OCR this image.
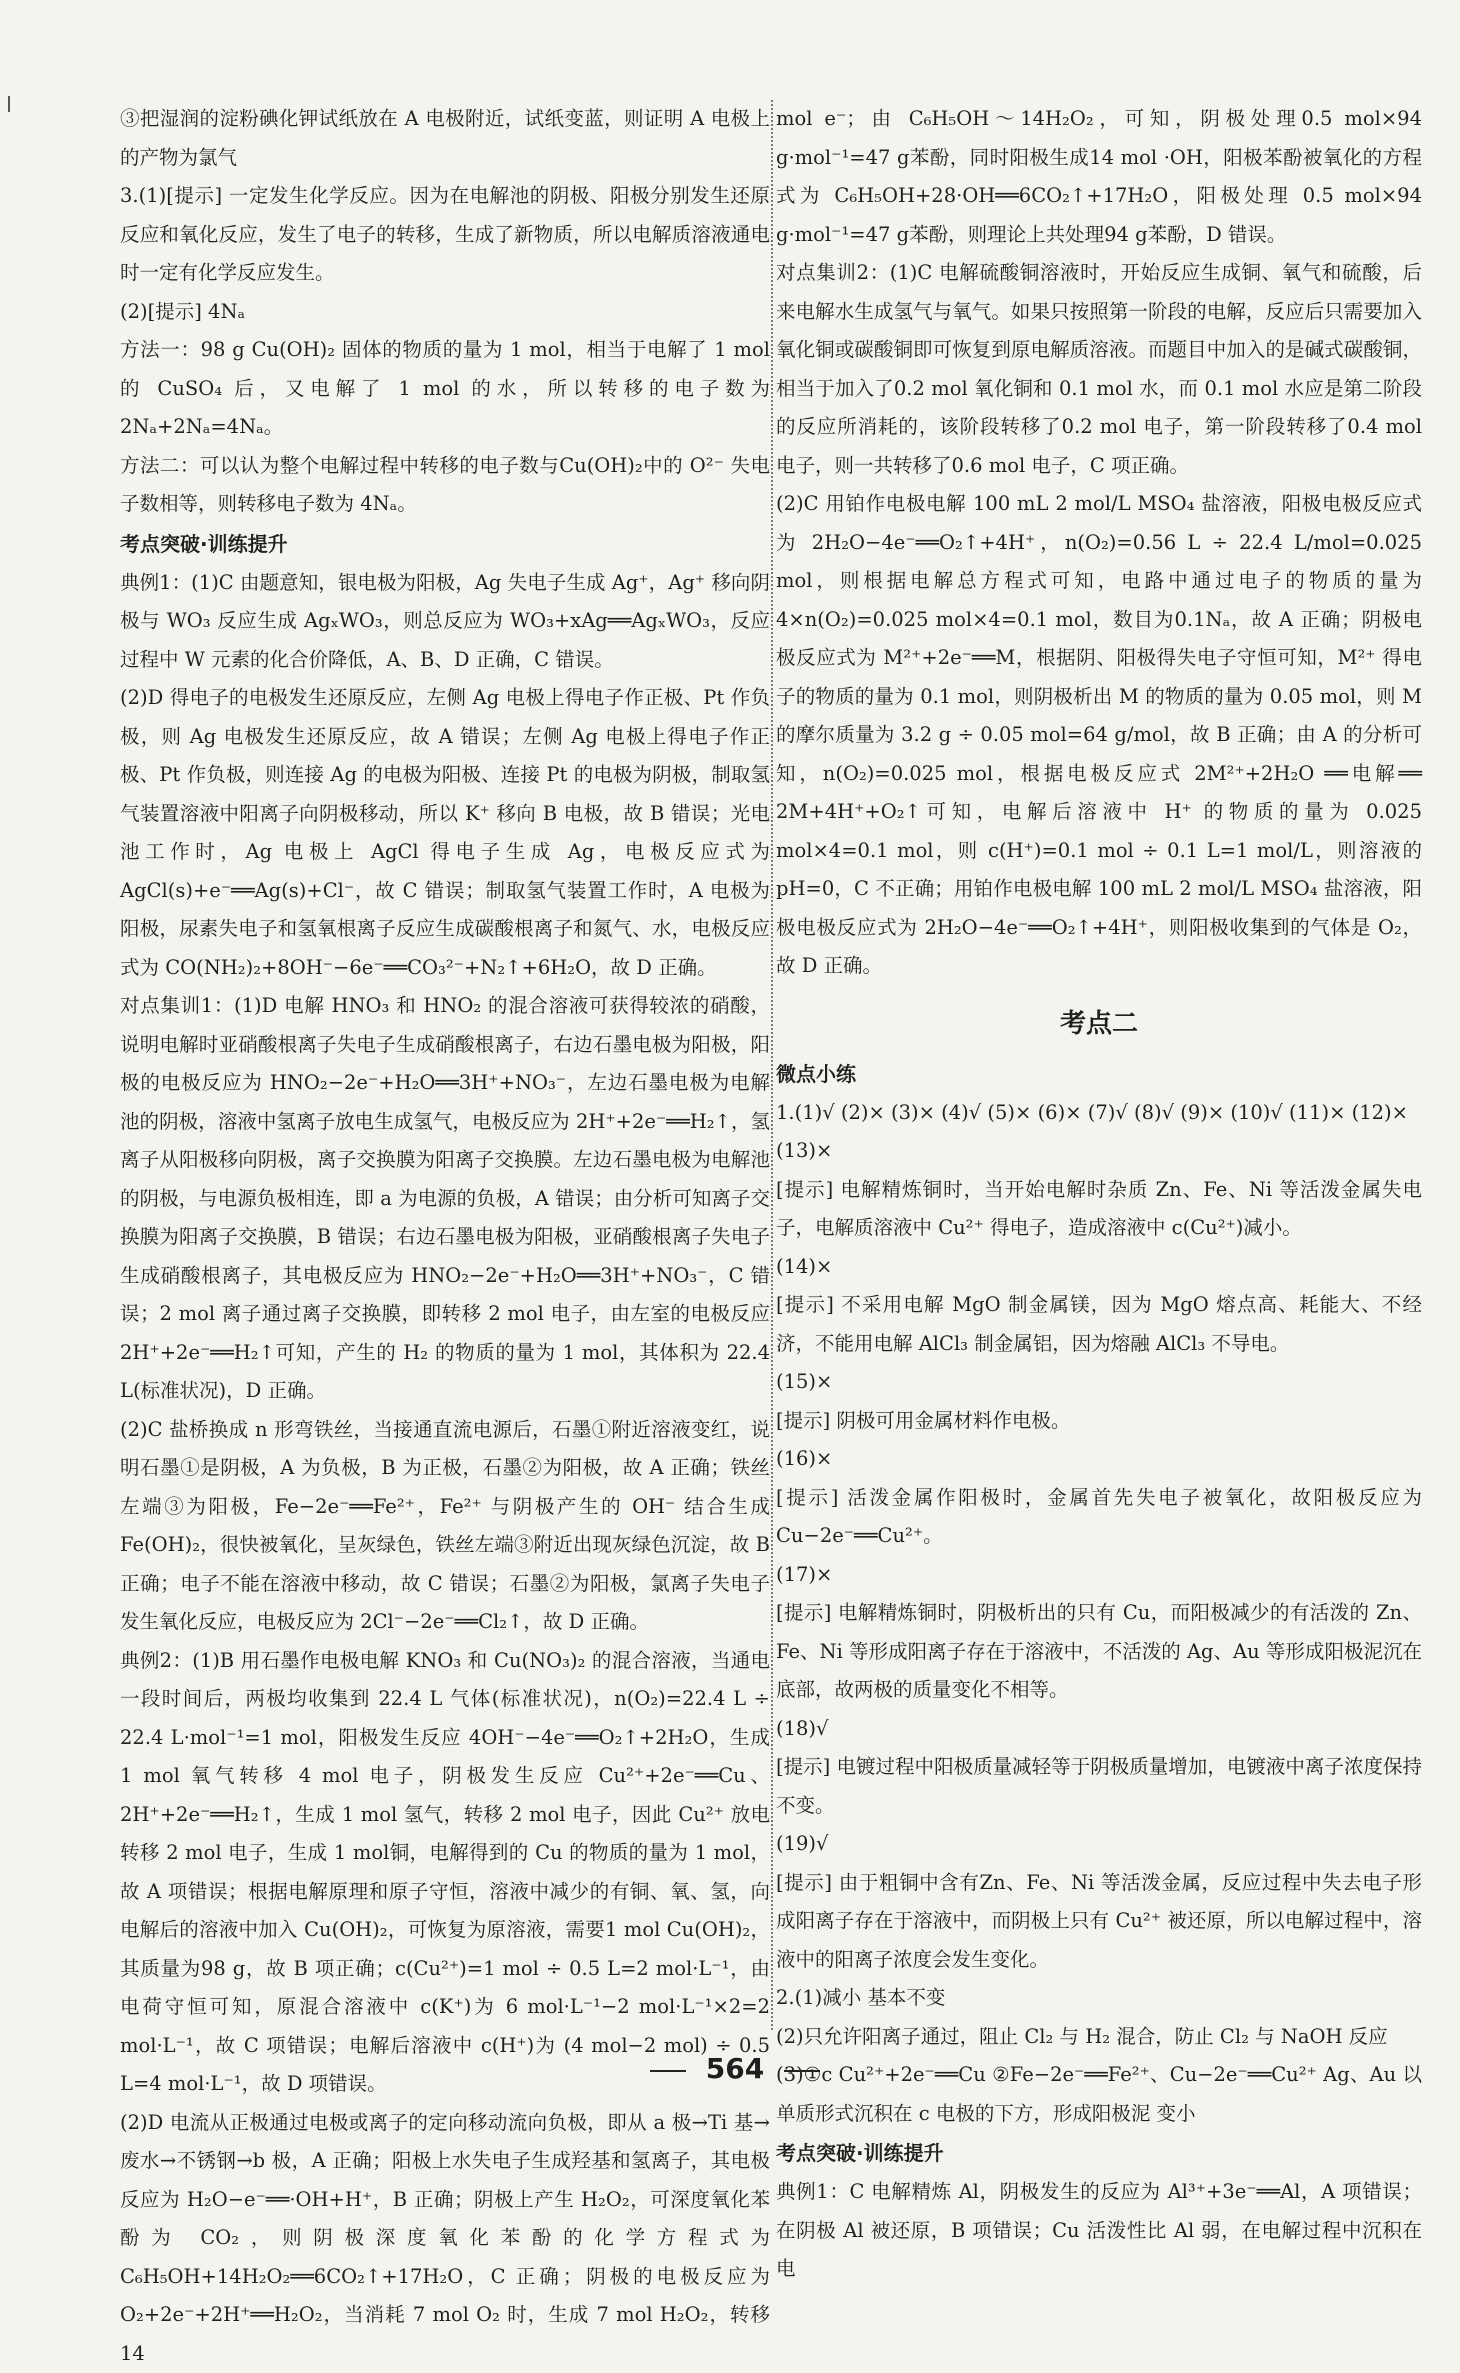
③把湿润的淀粉碘化钾试纸放在 A 电极附近，试纸变蓝，则证明 A 电极上的产物为氯气

3.(1)[提示] 一定发生化学反应。因为在电解池的阴极、阳极分别发生还原反应和氧化反应，发生了电子的转移，生成了新物质，所以电解质溶液通电时一定有化学反应发生。

(2)[提示] 4Nₐ

方法一：98 g Cu(OH)₂ 固体的物质的量为 1 mol，相当于电解了 1 mol 的 CuSO₄ 后，又电解了 1 mol 的水，所以转移的电子数为 2Nₐ+2Nₐ=4Nₐ。

方法二：可以认为整个电解过程中转移的电子数与Cu(OH)₂中的 O²⁻ 失电子数相等，则转移电子数为 4Nₐ。

考点突破·训练提升

典例1：(1)C 由题意知，银电极为阳极，Ag 失电子生成 Ag⁺，Ag⁺ 移向阴极与 WO₃ 反应生成 AgₓWO₃，则总反应为 WO₃+xAg══AgₓWO₃，反应过程中 W 元素的化合价降低，A、B、D 正确，C 错误。

(2)D 得电子的电极发生还原反应，左侧 Ag 电极上得电子作正极、Pt 作负极，则 Ag 电极发生还原反应，故 A 错误；左侧 Ag 电极上得电子作正极、Pt 作负极，则连接 Ag 的电极为阳极、连接 Pt 的电极为阴极，制取氢气装置溶液中阳离子向阴极移动，所以 K⁺ 移向 B 电极，故 B 错误；光电池工作时，Ag 电极上 AgCl 得电子生成 Ag，电极反应式为 AgCl(s)+e⁻══Ag(s)+Cl⁻，故 C 错误；制取氢气装置工作时，A 电极为阳极，尿素失电子和氢氧根离子反应生成碳酸根离子和氮气、水，电极反应式为 CO(NH₂)₂+8OH⁻−6e⁻══CO₃²⁻+N₂↑+6H₂O，故 D 正确。

对点集训1：(1)D 电解 HNO₃ 和 HNO₂ 的混合溶液可获得较浓的硝酸，说明电解时亚硝酸根离子失电子生成硝酸根离子，右边石墨电极为阳极，阳极的电极反应为 HNO₂−2e⁻+H₂O══3H⁺+NO₃⁻，左边石墨电极为电解池的阴极，溶液中氢离子放电生成氢气，电极反应为 2H⁺+2e⁻══H₂↑，氢离子从阳极移向阴极，离子交换膜为阳离子交换膜。左边石墨电极为电解池的阴极，与电源负极相连，即 a 为电源的负极，A 错误；由分析可知离子交换膜为阳离子交换膜，B 错误；右边石墨电极为阳极，亚硝酸根离子失电子生成硝酸根离子，其电极反应为 HNO₂−2e⁻+H₂O══3H⁺+NO₃⁻，C 错误；2 mol 离子通过离子交换膜，即转移 2 mol 电子，由左室的电极反应 2H⁺+2e⁻══H₂↑可知，产生的 H₂ 的物质的量为 1 mol，其体积为 22.4 L(标准状况)，D 正确。

(2)C 盐桥换成 n 形弯铁丝，当接通直流电源后，石墨①附近溶液变红，说明石墨①是阴极，A 为负极，B 为正极，石墨②为阳极，故 A 正确；铁丝左端③为阳极，Fe−2e⁻══Fe²⁺，Fe²⁺ 与阴极产生的 OH⁻ 结合生成Fe(OH)₂，很快被氧化，呈灰绿色，铁丝左端③附近出现灰绿色沉淀，故 B 正确；电子不能在溶液中移动，故 C 错误；石墨②为阳极，氯离子失电子发生氧化反应，电极反应为 2Cl⁻−2e⁻══Cl₂↑，故 D 正确。

典例2：(1)B 用石墨作电极电解 KNO₃ 和 Cu(NO₃)₂ 的混合溶液，当通电一段时间后，两极均收集到 22.4 L 气体(标准状况)，n(O₂)=22.4 L ÷ 22.4 L·mol⁻¹=1 mol，阳极发生反应 4OH⁻−4e⁻══O₂↑+2H₂O，生成 1 mol 氧气转移 4 mol 电子，阴极发生反应 Cu²⁺+2e⁻══Cu、2H⁺+2e⁻══H₂↑，生成 1 mol 氢气，转移 2 mol 电子，因此 Cu²⁺ 放电转移 2 mol 电子，生成 1 mol铜，电解得到的 Cu 的物质的量为 1 mol，故 A 项错误；根据电解原理和原子守恒，溶液中减少的有铜、氧、氢，向电解后的溶液中加入 Cu(OH)₂，可恢复为原溶液，需要1 mol Cu(OH)₂，其质量为98 g，故 B 项正确；c(Cu²⁺)=1 mol ÷ 0.5 L=2 mol·L⁻¹，由电荷守恒可知，原混合溶液中 c(K⁺)为 6 mol·L⁻¹−2 mol·L⁻¹×2=2 mol·L⁻¹，故 C 项错误；电解后溶液中 c(H⁺)为 (4 mol−2 mol) ÷ 0.5 L=4 mol·L⁻¹，故 D 项错误。

(2)D 电流从正极通过电极或离子的定向移动流向负极，即从 a 极→Ti 基→废水→不锈钢→b 极，A 正确；阳极上水失电子生成羟基和氢离子，其电极反应为 H₂O−e⁻══·OH+H⁺，B 正确；阴极上产生 H₂O₂，可深度氧化苯酚为 CO₂，则阴极深度氧化苯酚的化学方程式为 C₆H₅OH+14H₂O₂══6CO₂↑+17H₂O，C 正确；阴极的电极反应为 O₂+2e⁻+2H⁺══H₂O₂，当消耗 7 mol O₂ 时，生成 7 mol H₂O₂，转移 14

mol e⁻；由 C₆H₅OH～14H₂O₂，可知，阴极处理0.5 mol×94 g·mol⁻¹=47 g苯酚，同时阳极生成14 mol ·OH，阳极苯酚被氧化的方程式为 C₆H₅OH+28·OH══6CO₂↑+17H₂O，阳极处理 0.5 mol×94 g·mol⁻¹=47 g苯酚，则理论上共处理94 g苯酚，D 错误。

对点集训2：(1)C 电解硫酸铜溶液时，开始反应生成铜、氧气和硫酸，后来电解水生成氢气与氧气。如果只按照第一阶段的电解，反应后只需要加入氧化铜或碳酸铜即可恢复到原电解质溶液。而题目中加入的是碱式碳酸铜，相当于加入了0.2 mol 氧化铜和 0.1 mol 水，而 0.1 mol 水应是第二阶段的反应所消耗的，该阶段转移了0.2 mol 电子，第一阶段转移了0.4 mol 电子，则一共转移了0.6 mol 电子，C 项正确。

(2)C 用铂作电极电解 100 mL 2 mol/L MSO₄ 盐溶液，阳极电极反应式为 2H₂O−4e⁻══O₂↑+4H⁺，n(O₂)=0.56 L ÷ 22.4 L/mol=0.025 mol，则根据电解总方程式可知，电路中通过电子的物质的量为 4×n(O₂)=0.025 mol×4=0.1 mol，数目为0.1Nₐ，故 A 正确；阴极电极反应式为 M²⁺+2e⁻══M，根据阴、阳极得失电子守恒可知，M²⁺ 得电子的物质的量为 0.1 mol，则阴极析出 M 的物质的量为 0.05 mol，则 M 的摩尔质量为 3.2 g ÷ 0.05 mol=64 g/mol，故 B 正确；由 A 的分析可知，n(O₂)=0.025 mol，根据电极反应式 2M²⁺+2H₂O ══电解══ 2M+4H⁺+O₂↑可知，电解后溶液中 H⁺ 的物质的量为 0.025 mol×4=0.1 mol，则 c(H⁺)=0.1 mol ÷ 0.1 L=1 mol/L，则溶液的 pH=0，C 不正确；用铂作电极电解 100 mL 2 mol/L MSO₄ 盐溶液，阳极电极反应式为 2H₂O−4e⁻══O₂↑+4H⁺，则阳极收集到的气体是 O₂，故 D 正确。

考点二

微点小练

1.(1)√ (2)× (3)× (4)√ (5)× (6)× (7)√ (8)√ (9)× (10)√ (11)× (12)×

(13)×

[提示] 电解精炼铜时，当开始电解时杂质 Zn、Fe、Ni 等活泼金属失电子，电解质溶液中 Cu²⁺ 得电子，造成溶液中 c(Cu²⁺)减小。

(14)×

[提示] 不采用电解 MgO 制金属镁，因为 MgO 熔点高、耗能大、不经济，不能用电解 AlCl₃ 制金属铝，因为熔融 AlCl₃ 不导电。

(15)×

[提示] 阴极可用金属材料作电极。

(16)×

[提示] 活泼金属作阳极时，金属首先失电子被氧化，故阳极反应为 Cu−2e⁻══Cu²⁺。

(17)×

[提示] 电解精炼铜时，阴极析出的只有 Cu，而阳极减少的有活泼的 Zn、Fe、Ni 等形成阳离子存在于溶液中，不活泼的 Ag、Au 等形成阳极泥沉在底部，故两极的质量变化不相等。

(18)√

[提示] 电镀过程中阳极质量减轻等于阴极质量增加，电镀液中离子浓度保持不变。

(19)√

[提示] 由于粗铜中含有Zn、Fe、Ni 等活泼金属，反应过程中失去电子形成阳离子存在于溶液中，而阴极上只有 Cu²⁺ 被还原，所以电解过程中，溶液中的阳离子浓度会发生变化。

2.(1)减小 基本不变

(2)只允许阳离子通过，阻止 Cl₂ 与 H₂ 混合，防止 Cl₂ 与 NaOH 反应

(3)①c Cu²⁺+2e⁻══Cu ②Fe−2e⁻══Fe²⁺、Cu−2e⁻══Cu²⁺ Ag、Au 以单质形式沉积在 c 电极的下方，形成阳极泥 变小

考点突破·训练提升

典例1：C 电解精炼 Al，阴极发生的反应为 Al³⁺+3e⁻══Al，A 项错误；在阴极 Al 被还原，B 项错误；Cu 活泼性比 Al 弱，在电解过程中沉积在电

564
